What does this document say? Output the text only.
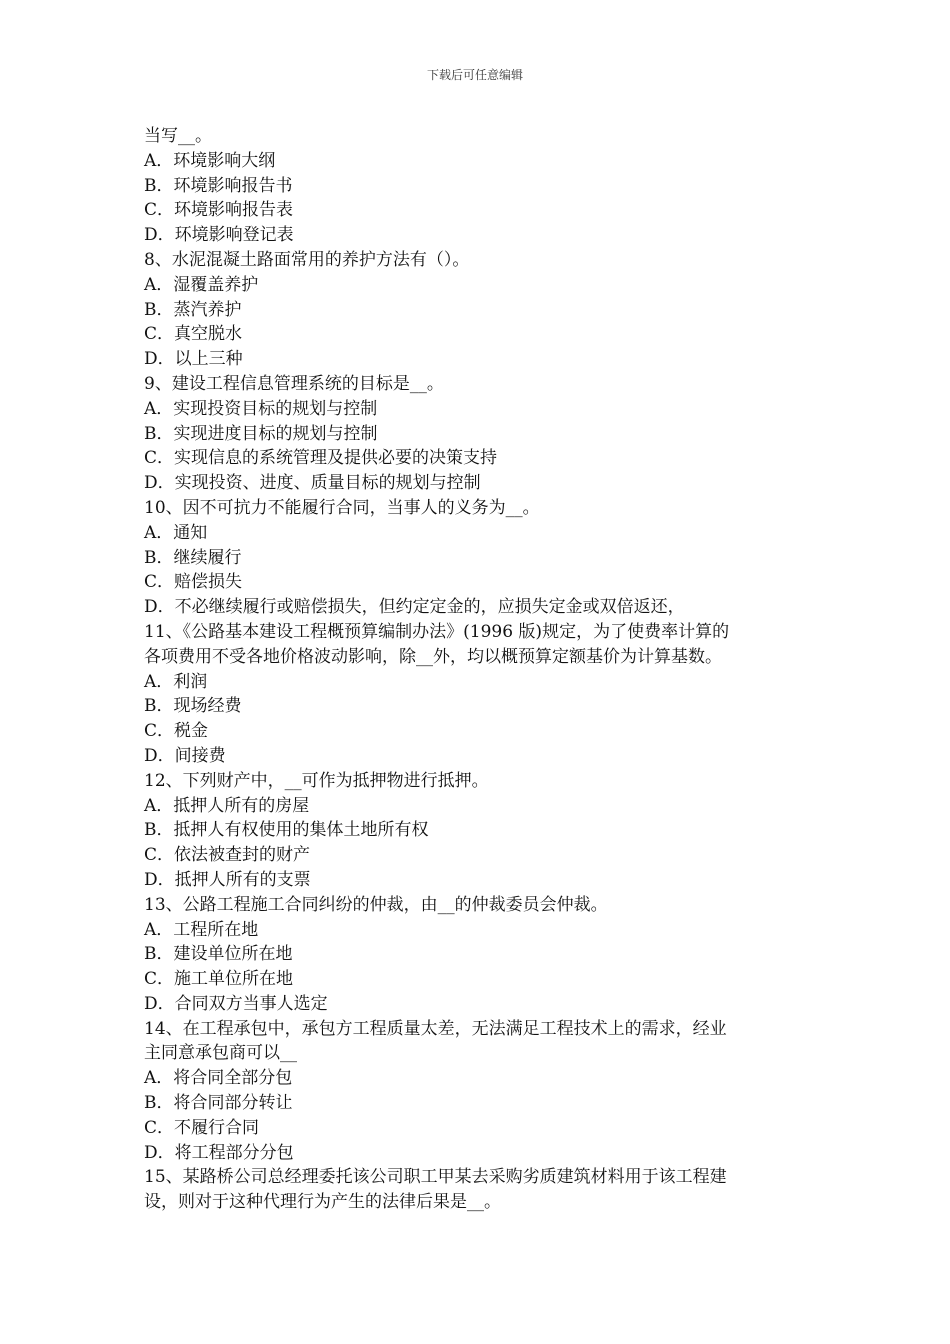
下载后可任意编辑
当写__。
A．环境影响大纲
B．环境影响报告书
C．环境影响报告表
D．环境影响登记表
8、水泥混凝土路面常用的养护方法有（）。
A．湿覆盖养护
B．蒸汽养护
C．真空脱水
D．以上三种
9、建设工程信息管理系统的目标是__。
A．实现投资目标的规划与控制
B．实现进度目标的规划与控制
C．实现信息的系统管理及提供必要的决策支持
D．实现投资、进度、质量目标的规划与控制
10、因不可抗力不能履行合同，当事人的义务为__。
A．通知
B．继续履行
C．赔偿损失
D．不必继续履行或赔偿损失，但约定定金的，应损失定金或双倍返还，
11、《公路基本建设工程概预算编制办法》(1996 版)规定，为了使费率计算的
各项费用不受各地价格波动影响，除__外，均以概预算定额基价为计算基数。
A．利润
B．现场经费
C．税金
D．间接费
12、下列财产中，__可作为抵押物进行抵押。
A．抵押人所有的房屋
B．抵押人有权使用的集体土地所有权
C．依法被查封的财产
D．抵押人所有的支票
13、公路工程施工合同纠纷的仲裁，由__的仲裁委员会仲裁。
A．工程所在地
B．建设单位所在地
C．施工单位所在地
D．合同双方当事人选定
14、在工程承包中，承包方工程质量太差，无法满足工程技术上的需求，经业
主同意承包商可以__
A．将合同全部分包
B．将合同部分转让
C．不履行合同
D．将工程部分分包
15、某路桥公司总经理委托该公司职工甲某去采购劣质建筑材料用于该工程建
设，则对于这种代理行为产生的法律后果是__。
